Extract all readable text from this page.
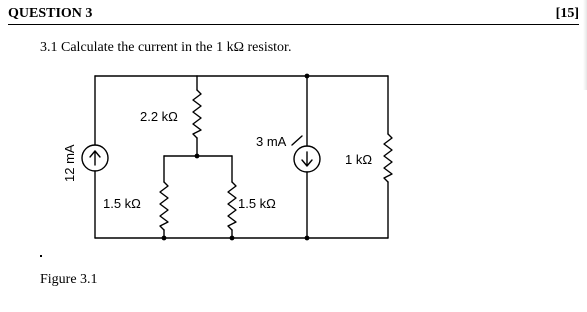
QUESTION 3	[15]
3.1 Calculate the current in the 1 kΩ resistor.
2.2 kΩ
1.5 kΩ	1.5 kΩ
3 mA
1 kΩ
12 mA
Figure 3.1
